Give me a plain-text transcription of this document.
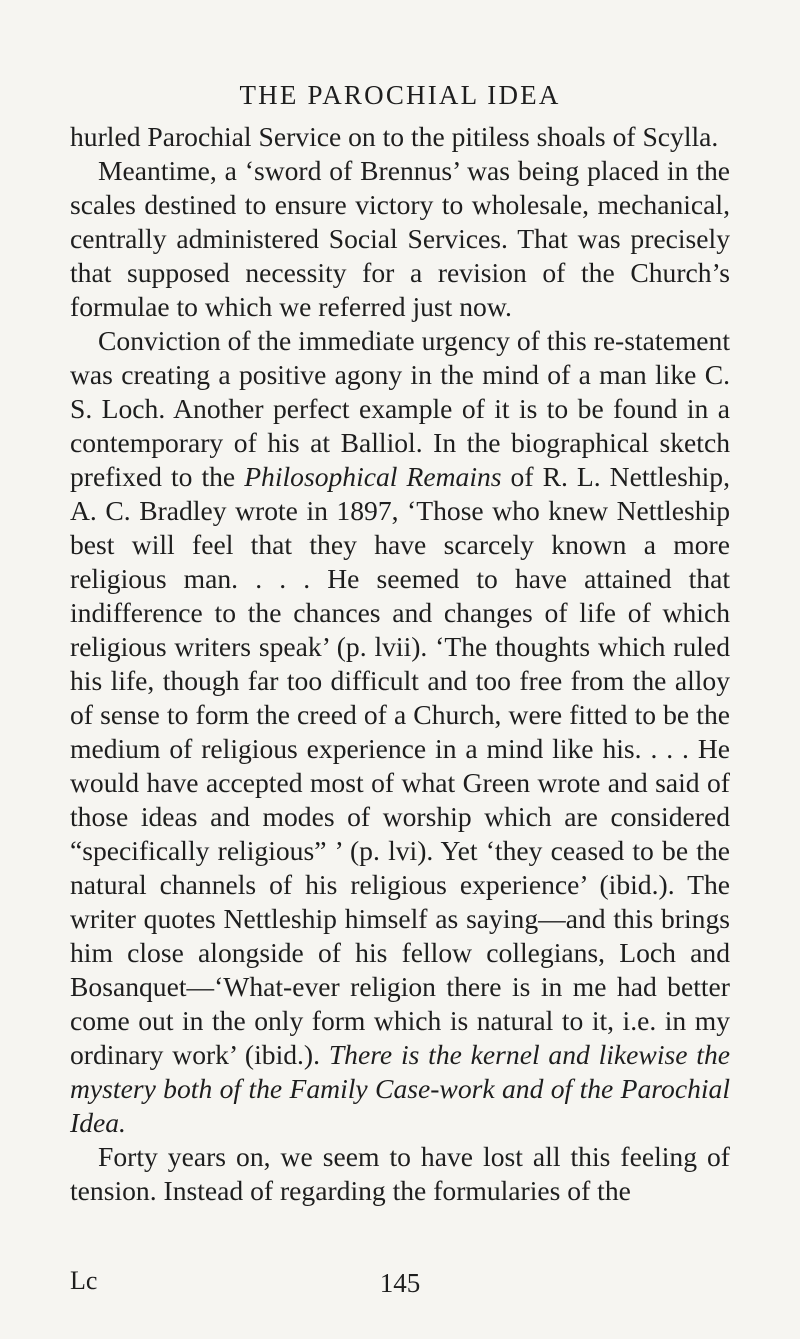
THE PAROCHIAL IDEA

hurled Parochial Service on to the pitiless shoals of Scylla.

Meantime, a ‘sword of Brennus’ was being placed in the scales destined to ensure victory to wholesale, mechanical, centrally administered Social Services. That was precisely that supposed necessity for a revision of the Church’s formulae to which we referred just now.

Conviction of the immediate urgency of this re-statement was creating a positive agony in the mind of a man like C. S. Loch. Another perfect example of it is to be found in a contemporary of his at Balliol. In the biographical sketch prefixed to the Philosophical Remains of R. L. Nettleship, A. C. Bradley wrote in 1897, ‘Those who knew Nettleship best will feel that they have scarcely known a more religious man. . . . He seemed to have attained that indifference to the chances and changes of life of which religious writers speak’ (p. lvii). ‘The thoughts which ruled his life, though far too difficult and too free from the alloy of sense to form the creed of a Church, were fitted to be the medium of religious experience in a mind like his. . . . He would have accepted most of what Green wrote and said of those ideas and modes of worship which are considered “specifically religious” ’ (p. lvi). Yet ‘they ceased to be the natural channels of his religious experience’ (ibid.). The writer quotes Nettleship himself as saying—and this brings him close alongside of his fellow collegians, Loch and Bosanquet—‘What-ever religion there is in me had better come out in the only form which is natural to it, i.e. in my ordinary work’ (ibid.). There is the kernel and likewise the mystery both of the Family Case-work and of the Parochial Idea.

Forty years on, we seem to have lost all this feeling of tension. Instead of regarding the formularies of the

Lc	145
